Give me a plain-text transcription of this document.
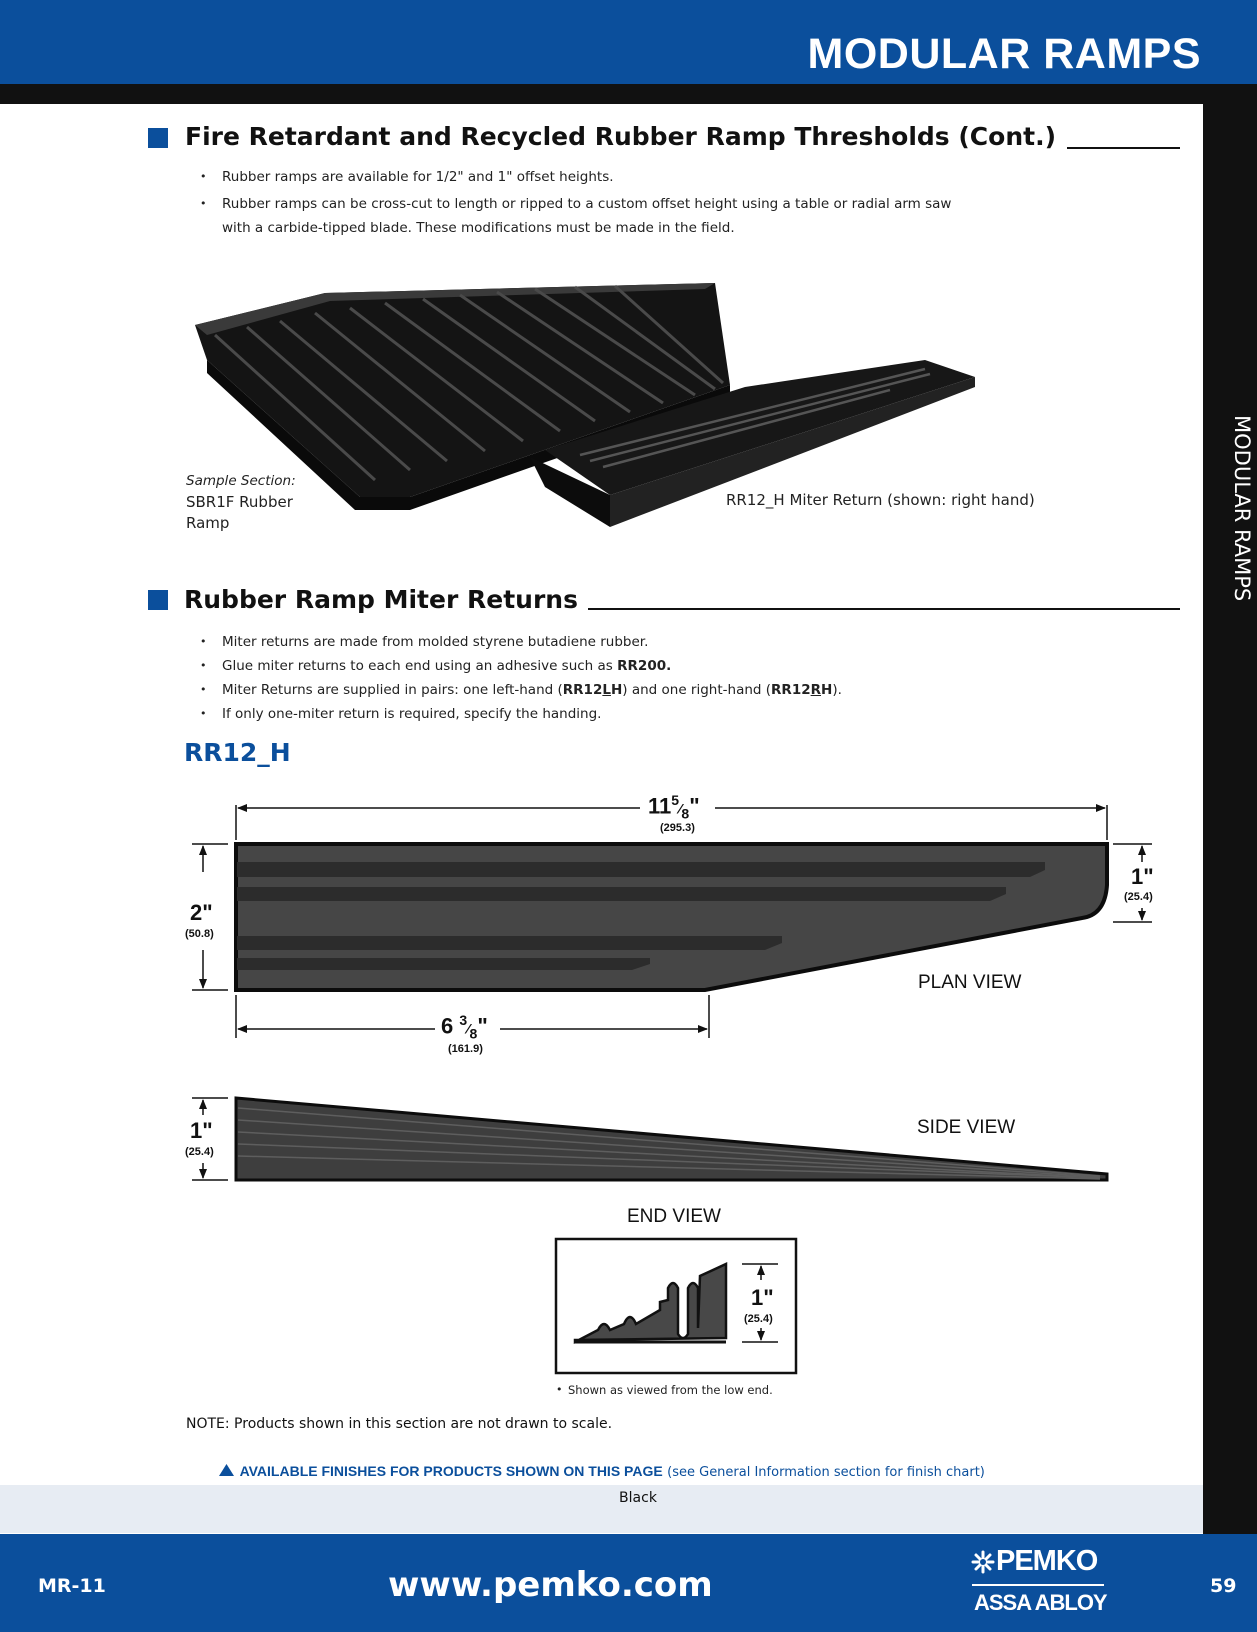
MODULAR RAMPS
MODULAR RAMPS
Fire Retardant and Recycled Rubber Ramp Thresholds (Cont.)
• Rubber ramps are available for 1/2" and 1" offset heights.
• Rubber ramps can be cross-cut to length or ripped to a custom offset height using a table or radial arm saw
with a carbide-tipped blade. These modifications must be made in the field.
Sample Section:
SBR1F Rubber
Ramp
RR12_H Miter Return (shown: right hand)
Rubber Ramp Miter Returns
• Miter returns are made from molded styrene butadiene rubber.
• Glue miter returns to each end using an adhesive such as RR200.
• Miter Returns are supplied in pairs: one left-hand (RR12LH) and one right-hand (RR12RH).
• If only one-miter return is required, specify the handing.
RR12_H
$11^5⁄_8$"
(295.3)
2"
(50.8)
1"
(25.4)
6 $^3⁄_8$"
(161.9)
PLAN VIEW
1"
(25.4)
SIDE VIEW
END VIEW
1"
(25.4)
• Shown as viewed from the low end.
NOTE: Products shown in this section are not drawn to scale.
AVAILABLE FINISHES FOR PRODUCTS SHOWN ON THIS PAGE (see General Information section for finish chart)
Black
MR-11	www.pemko.com
PEMKO
ASSA ABLOY
59
